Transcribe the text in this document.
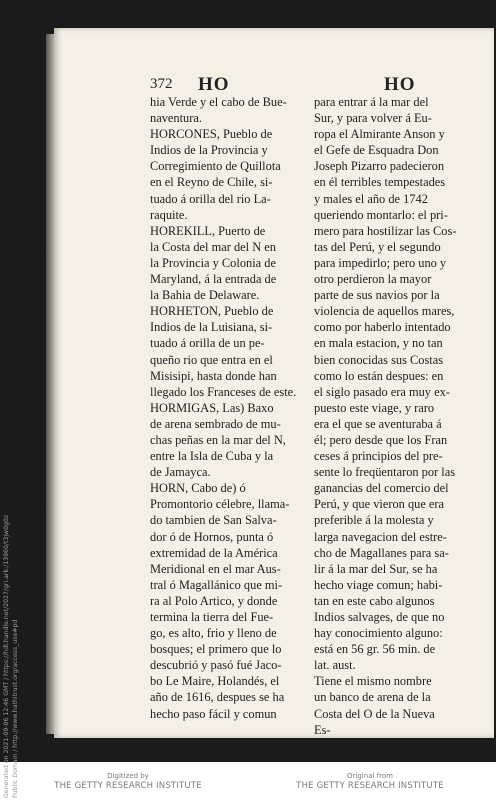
372 HO	HO
hia Verde y el cabo de Bue-
naventura.
HORCONES, Pueblo de
Indios de la Provincia y
Corregimiento de Quillota
en el Reyno de Chile, si-
tuado á orilla del rio La-
raquite.
HOREKILL, Puerto de
la Costa del mar del N en
la Provincia y Colonia de
Maryland, á la entrada de
la Bahia de Delaware.
HORHETON, Pueblo de
Indios de la Luisiana, si-
tuado á orilla de un pe-
queño rio que entra en el
Misisipi, hasta donde han
llegado los Franceses de este.
HORMIGAS, Las) Baxo
de arena sembrado de mu-
chas peñas en la mar del N,
entre la Isla de Cuba y la
de Jamayca.
HORN, Cabo de) ó
Promontorio célebre, llama-
do tambien de San Salva-
dor ó de Hornos, punta ó
extremidad de la América
Meridional en el mar Aus-
tral ó Magallánico que mi-
ra al Polo Artico, y donde
termina la tierra del Fue-
go, es alto, frio y lleno de
bosques; el primero que lo
descubrió y pasó fué Jaco-
bo Le Maire, Holandés, el
año de 1616, despues se ha
hecho paso fácil y comun
para entrar á la mar del
Sur, y para volver á Eu-
ropa el Almirante Anson y
el Gefe de Esquadra Don
Joseph Pizarro padecieron
en él terribles tempestades
y males el año de 1742
queriendo montarlo: el pri-
mero para hostilizar las Cos-
tas del Perú, y el segundo
para impedirlo; pero uno y
otro perdieron la mayor
parte de sus navios por la
violencia de aquellos mares,
como por haberlo intentado
en mala estacion, y no tan
bien conocidas sus Costas
como lo están despues: en
el siglo pasado era muy ex-
puesto este viage, y raro
era el que se aventuraba á
él; pero desde que los Fran
ceses á principios del pre-
sente lo freqüentaron por las
ganancias del comercio del
Perú, y que vieron que era
preferible á la molesta y
larga navegacion del estre-
cho de Magallanes para sa-
lir á la mar del Sur, se ha
hecho viage comun; habi-
tan en este cabo algunos
Indios salvages, de que no
hay conocimiento alguno:
está en 56 gr. 56 min. de
lat. aust.
Tiene el mismo nombre
un banco de arena de la
Costa del O de la Nueva
Es-
Generated on 2021-09-06 12:46 GMT / https://hdl.handle.net/2027/gri.ark:/13960/t3jw0g0z Public Domain / http://www.hathitrust.org/access_use#pd	Digitized by
THE GETTY RESEARCH INSTITUTE
Original from
THE GETTY RESEARCH INSTITUTE
